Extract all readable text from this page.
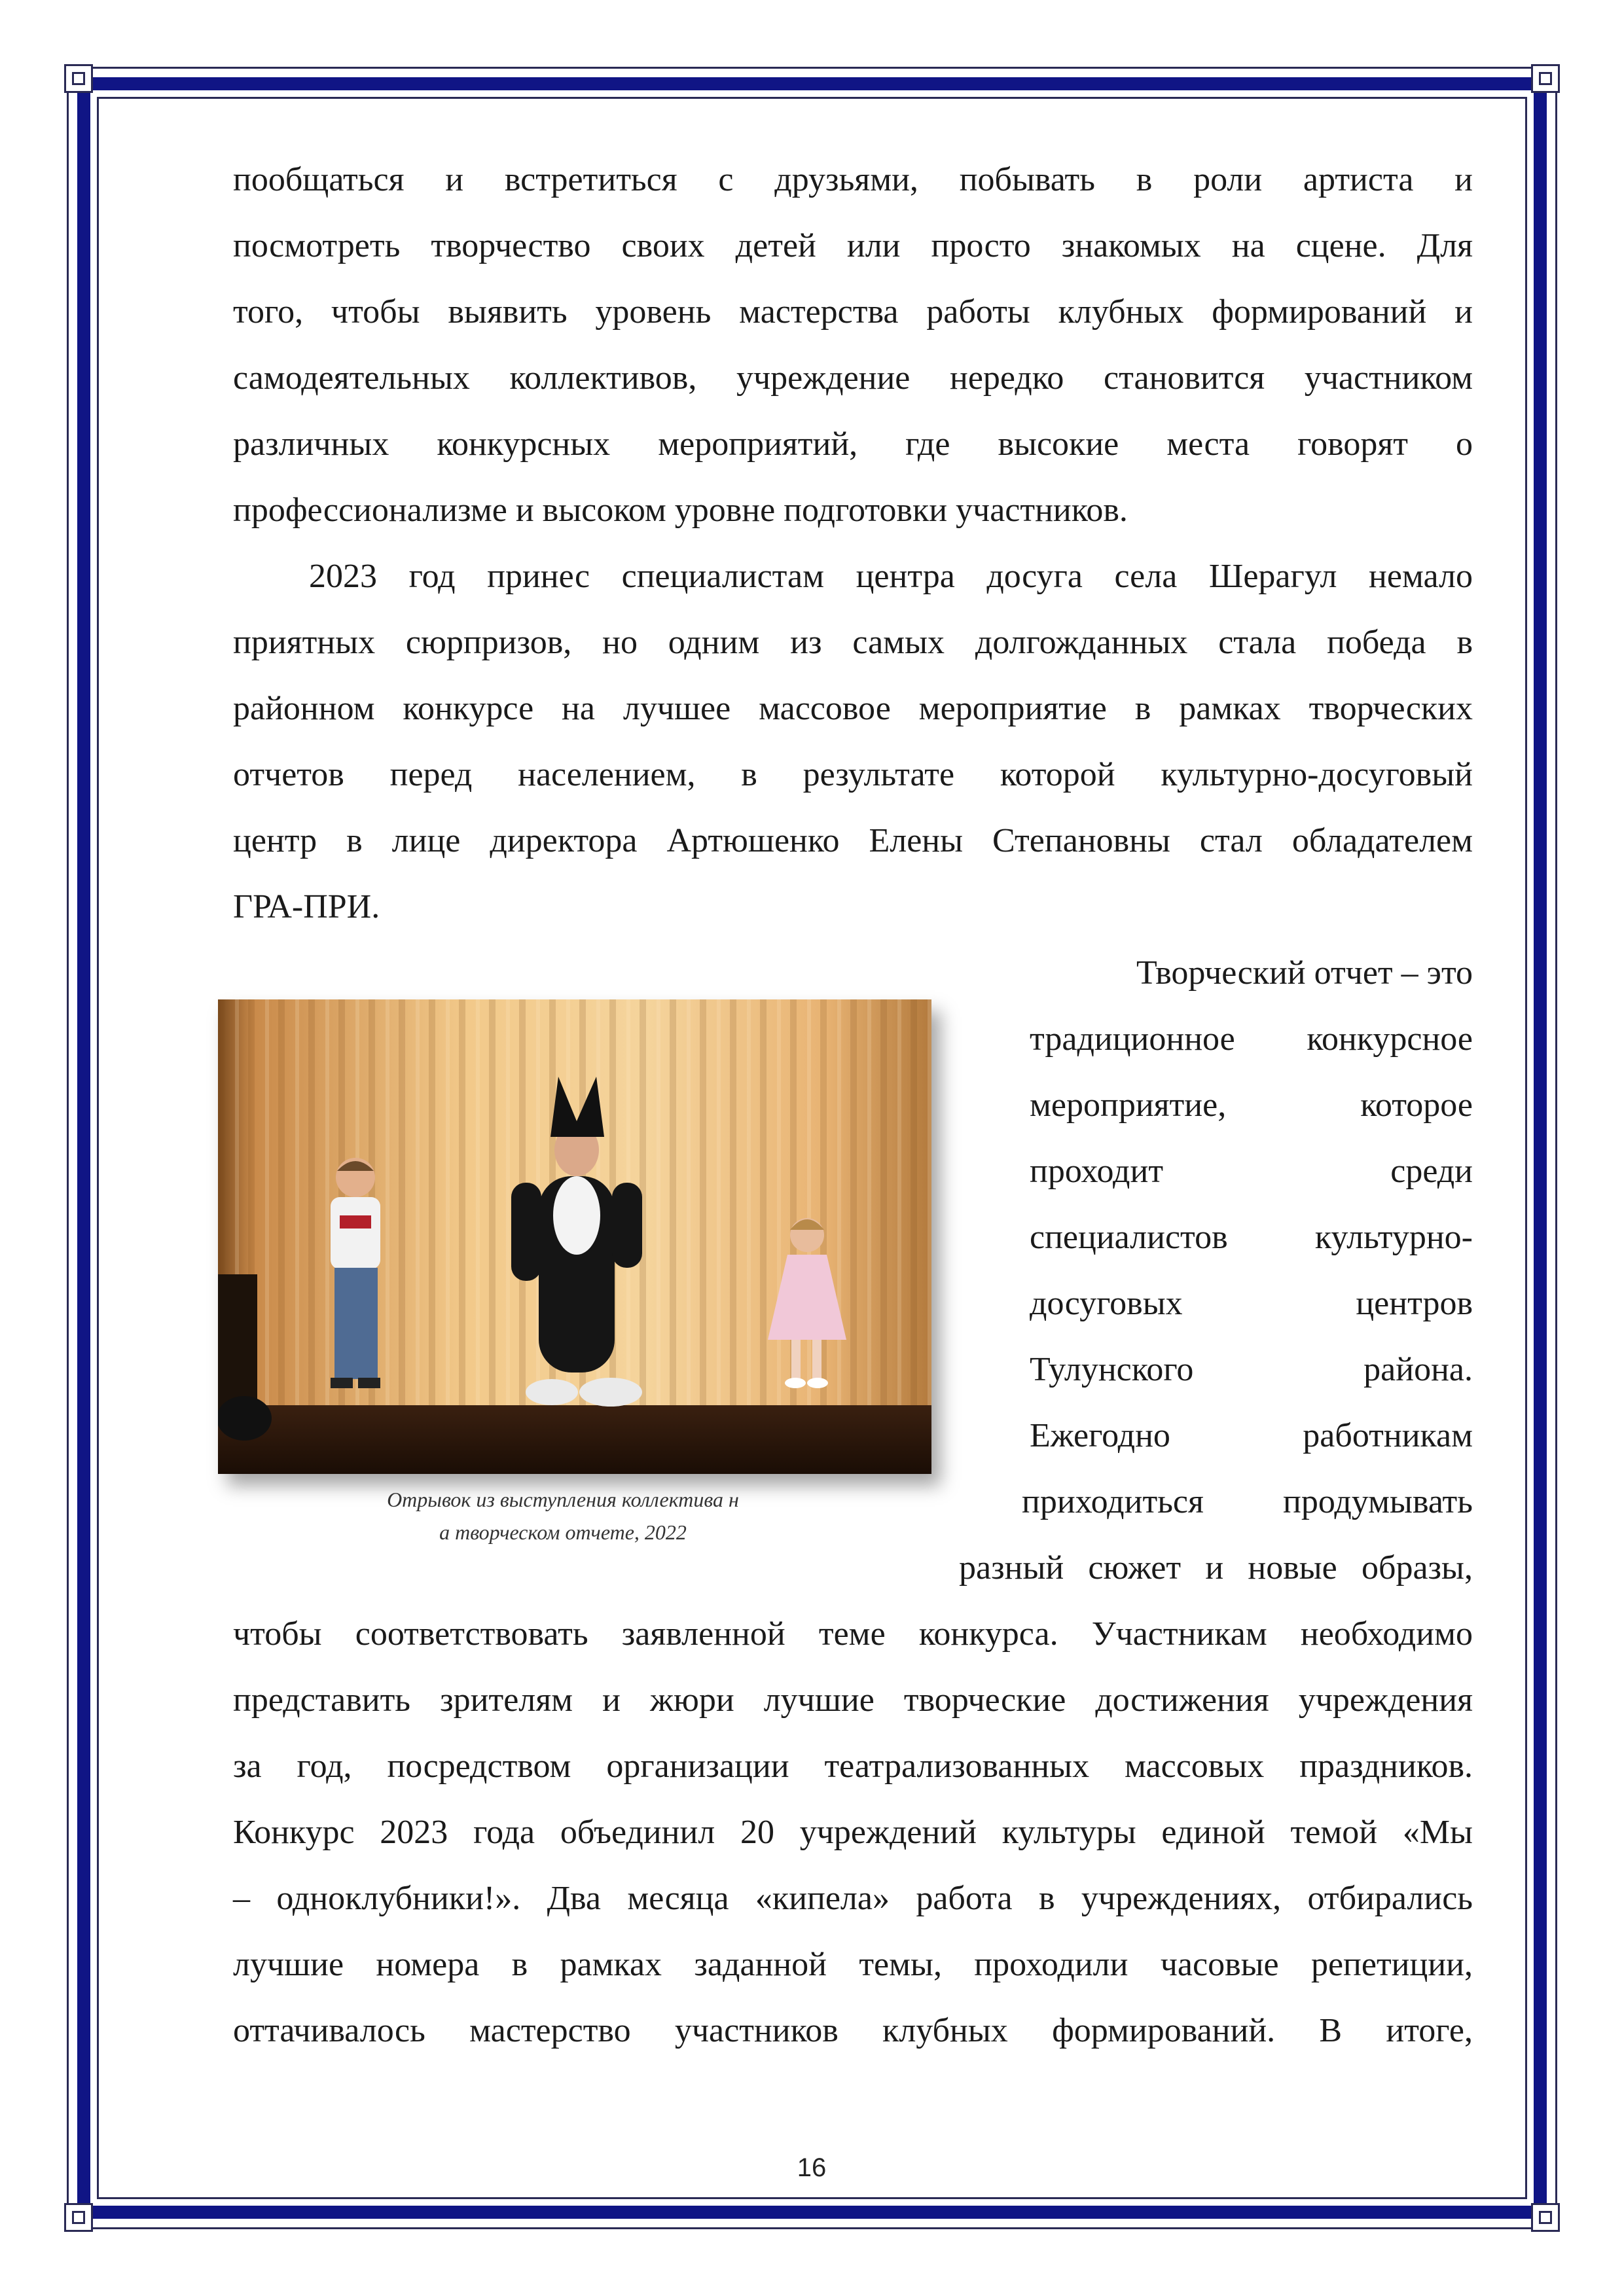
пообщаться и встретиться с друзьями, побывать в роли артиста и
посмотреть творчество своих детей или просто знакомых на сцене. Для
того, чтобы выявить уровень мастерства работы клубных формирований и
самодеятельных коллективов, учреждение нередко становится участником
различных конкурсных мероприятий, где высокие места говорят о
профессионализме и высоком уровне подготовки участников.
2023 год принес специалистам центра досуга села Шерагул немало
приятных сюрпризов, но одним из самых долгожданных стала победа в
районном конкурсе на лучшее массовое мероприятие в рамках творческих
отчетов перед населением, в результате которой культурно-досуговый
центр в лице директора Артюшенко Елены Степановны стал обладателем
ГРА-ПРИ.
Отрывок из выступления коллектива н
а творческом отчете, 2022
Творческий отчет – это
традиционное конкурсное
мероприятие, которое
проходит среди
специалистов культурно-
досуговых центров
Тулунского района.
Ежегодно работникам
приходиться продумывать
разный сюжет и новые образы,
чтобы соответствовать заявленной теме конкурса. Участникам необходимо
представить зрителям и жюри лучшие творческие достижения учреждения
за год, посредством организации театрализованных массовых праздников.
Конкурс 2023 года объединил 20 учреждений культуры единой темой «Мы
– одноклубники!». Два месяца «кипела» работа в учреждениях, отбирались
лучшие номера в рамках заданной темы, проходили часовые репетиции,
оттачивалось мастерство участников клубных формирований. В итоге,
16
